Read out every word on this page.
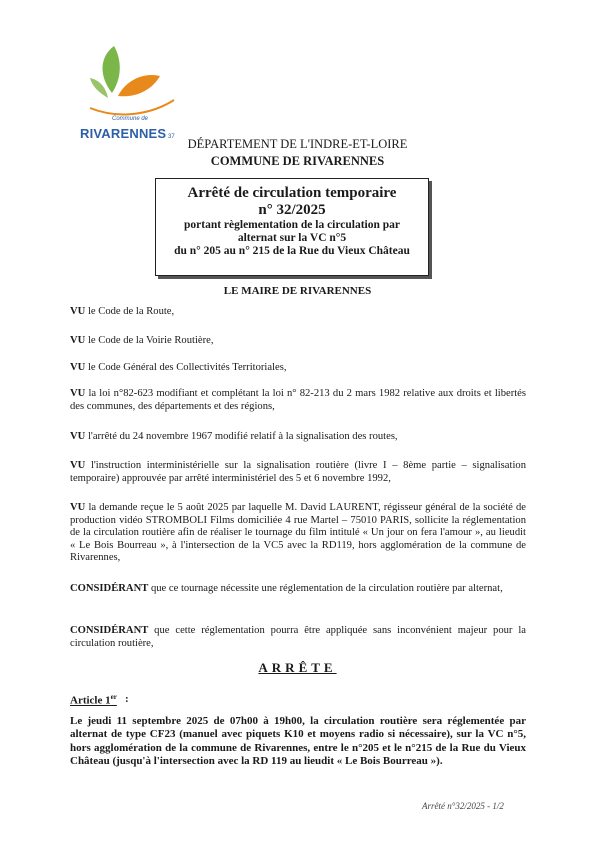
Commune de
RIVARENNES 37	DÉPARTEMENT DE L'INDRE-ET-LOIRE
COMMUNE DE RIVARENNES
Arrêté de circulation temporaire
n° 32/2025
portant règlementation de la circulation par
alternat sur la VC n°5
du n° 205 au n° 215 de la Rue du Vieux Château
LE MAIRE DE RIVARENNES

VU le Code de la Route,

VU le Code de la Voirie Routière,

VU le Code Général des Collectivités Territoriales,

VU la loi n°82-623 modifiant et complétant la loi n° 82-213 du 2 mars 1982 relative aux droits et libertés des communes, des départements et des régions,

VU l'arrêté du 24 novembre 1967 modifié relatif à la signalisation des routes,

VU l'instruction interministérielle sur la signalisation routière (livre I – 8ème partie – signalisation temporaire) approuvée par arrêté interministériel des 5 et 6 novembre 1992,

VU la demande reçue le 5 août 2025 par laquelle M. David LAURENT, régisseur général de la société de production vidéo STROMBOLI Films domiciliée 4 rue Martel – 75010 PARIS, sollicite la réglementation de la circulation routière afin de réaliser le tournage du film intitulé « Un jour on fera l'amour », au lieudit « Le Bois Bourreau », à l'intersection de la VC5 avec la RD119, hors agglomération de la commune de Rivarennes,

CONSIDÉRANT que ce tournage nécessite une réglementation de la circulation routière par alternat,

CONSIDÉRANT que cette réglementation pourra être appliquée sans inconvénient majeur pour la circulation routière,

ARRÊTE
Article 1er :

Le jeudi 11 septembre 2025 de 07h00 à 19h00, la circulation routière sera réglementée par alternat de type CF23 (manuel avec piquets K10 et moyens radio si nécessaire), sur la VC n°5, hors agglomération de la commune de Rivarennes, entre le n°205 et le n°215 de la Rue du Vieux Château (jusqu'à l'intersection avec la RD 119 au lieudit « Le Bois Bourreau »).

Arrêté n°32/2025 - 1/2
